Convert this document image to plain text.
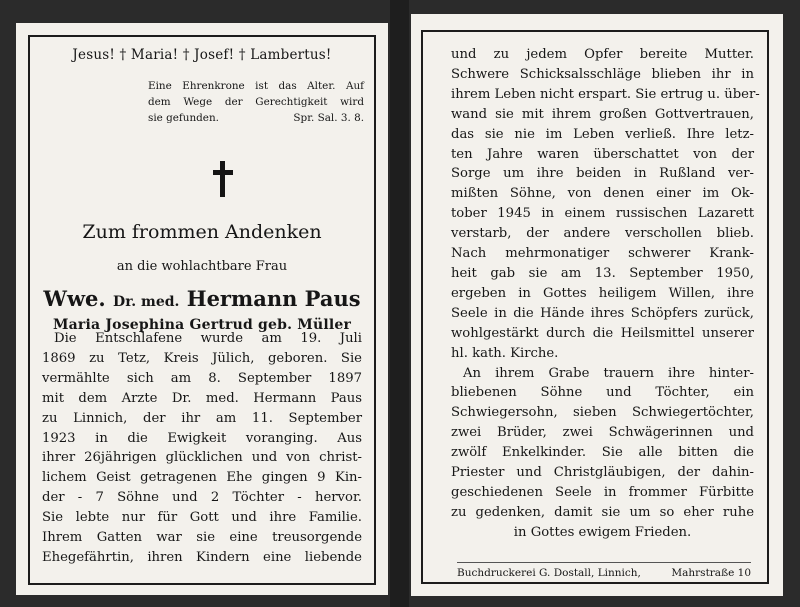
Jesus! † Maria! † Josef! † Lambertus!
Eine Ehrenkrone ist das Alter. Auf
dem Wege der Gerechtigkeit wird
sie gefunden.	Spr. Sal. 3. 8.
Zum frommen Andenken
an die wohlachtbare Frau
Wwe. Dr. med. Hermann Paus
Maria Josephina Gertrud geb. Müller
Die Entschlafene wurde am 19. Juli
1869 zu Tetz, Kreis Jülich, geboren. Sie
vermählte sich am 8. September 1897
mit dem Arzte Dr. med. Hermann Paus
zu Linnich, der ihr am 11. September
1923 in die Ewigkeit voranging. Aus
ihrer 26jährigen glücklichen und von christ-
lichem Geist getragenen Ehe gingen 9 Kin-
der - 7 Söhne und 2 Töchter - hervor.
Sie lebte nur für Gott und ihre Familie.
Ihrem Gatten war sie eine treusorgende
Ehegefährtin, ihren Kindern eine liebende
und zu jedem Opfer bereite Mutter.
Schwere Schicksalsschläge blieben ihr in
ihrem Leben nicht erspart. Sie ertrug u. über-
wand sie mit ihrem großen Gottvertrauen,
das sie nie im Leben verließ. Ihre letz-
ten Jahre waren überschattet von der
Sorge um ihre beiden in Rußland ver-
mißten Söhne, von denen einer im Ok-
tober 1945 in einem russischen Lazarett
verstarb, der andere verschollen blieb.
Nach mehrmonatiger schwerer Krank-
heit gab sie am 13. September 1950,
ergeben in Gottes heiligem Willen, ihre
Seele in die Hände ihres Schöpfers zurück,
wohlgestärkt durch die Heilsmittel unserer
hl. kath. Kirche.
An ihrem Grabe trauern ihre hinter-
bliebenen Söhne und Töchter, ein
Schwiegersohn, sieben Schwiegertöchter,
zwei Brüder, zwei Schwägerinnen und
zwölf Enkelkinder. Sie alle bitten die
Priester und Christgläubigen, der dahin-
geschiedenen Seele in frommer Fürbitte
zu gedenken, damit sie um so eher ruhe
in Gottes ewigem Frieden.
Buchdruckerei G. Dostall, Linnich,	Mahrstraße 10
